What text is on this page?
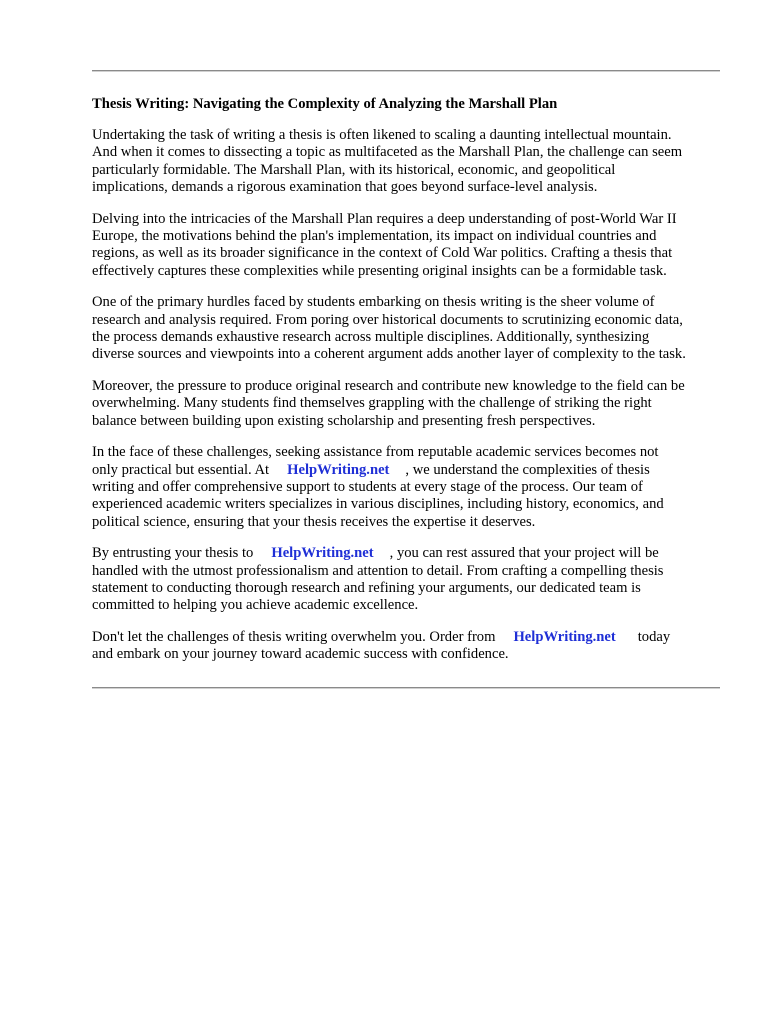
Thesis Writing: Navigating the Complexity of Analyzing the Marshall Plan
Undertaking the task of writing a thesis is often likened to scaling a daunting intellectual mountain.
And when it comes to dissecting a topic as multifaceted as the Marshall Plan, the challenge can seem
particularly formidable. The Marshall Plan, with its historical, economic, and geopolitical
implications, demands a rigorous examination that goes beyond surface-level analysis.
Delving into the intricacies of the Marshall Plan requires a deep understanding of post-World War II
Europe, the motivations behind the plan's implementation, its impact on individual countries and
regions, as well as its broader significance in the context of Cold War politics. Crafting a thesis that
effectively captures these complexities while presenting original insights can be a formidable task.
One of the primary hurdles faced by students embarking on thesis writing is the sheer volume of
research and analysis required. From poring over historical documents to scrutinizing economic data,
the process demands exhaustive research across multiple disciplines. Additionally, synthesizing
diverse sources and viewpoints into a coherent argument adds another layer of complexity to the task.
Moreover, the pressure to produce original research and contribute new knowledge to the field can be
overwhelming. Many students find themselves grappling with the challenge of striking the right
balance between building upon existing scholarship and presenting fresh perspectives.
In the face of these challenges, seeking assistance from reputable academic services becomes not
only practical but essential. At HelpWriting.net , we understand the complexities of thesis
writing and offer comprehensive support to students at every stage of the process. Our team of
experienced academic writers specializes in various disciplines, including history, economics, and
political science, ensuring that your thesis receives the expertise it deserves.
By entrusting your thesis to HelpWriting.net , you can rest assured that your project will be
handled with the utmost professionalism and attention to detail. From crafting a compelling thesis
statement to conducting thorough research and refining your arguments, our dedicated team is
committed to helping you achieve academic excellence.
Don't let the challenges of thesis writing overwhelm you. Order from HelpWriting.net today
and embark on your journey toward academic success with confidence.
